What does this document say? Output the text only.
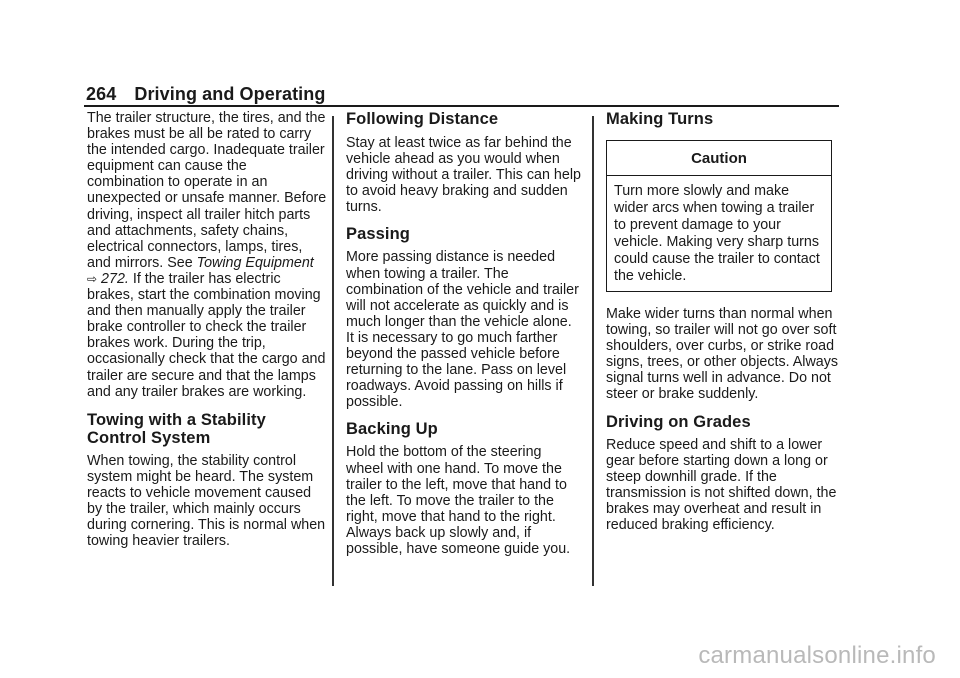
264 Driving and Operating

The trailer structure, the tires, and the brakes must be all be rated to carry the intended cargo. Inadequate trailer equipment can cause the combination to operate in an unexpected or unsafe manner. Before driving, inspect all trailer hitch parts and attachments, safety chains, electrical connectors, lamps, tires, and mirrors. See Towing Equipment ⇨ 272. If the trailer has electric brakes, start the combination moving and then manually apply the trailer brake controller to check the trailer brakes work. During the trip, occasionally check that the cargo and trailer are secure and that the lamps and any trailer brakes are working.

Towing with a Stability Control System

When towing, the stability control system might be heard. The system reacts to vehicle movement caused by the trailer, which mainly occurs during cornering. This is normal when towing heavier trailers.

Following Distance

Stay at least twice as far behind the vehicle ahead as you would when driving without a trailer. This can help to avoid heavy braking and sudden turns.

Passing

More passing distance is needed when towing a trailer. The combination of the vehicle and trailer will not accelerate as quickly and is much longer than the vehicle alone. It is necessary to go much farther beyond the passed vehicle before returning to the lane. Pass on level roadways. Avoid passing on hills if possible.

Backing Up

Hold the bottom of the steering wheel with one hand. To move the trailer to the left, move that hand to the left. To move the trailer to the right, move that hand to the right. Always back up slowly and, if possible, have someone guide you.

Making Turns
Caution
Turn more slowly and make wider arcs when towing a trailer to prevent damage to your vehicle. Making very sharp turns could cause the trailer to contact the vehicle.

Make wider turns than normal when towing, so trailer will not go over soft shoulders, over curbs, or strike road signs, trees, or other objects. Always signal turns well in advance. Do not steer or brake suddenly.

Driving on Grades

Reduce speed and shift to a lower gear before starting down a long or steep downhill grade. If the transmission is not shifted down, the brakes may overheat and result in reduced braking efficiency.

carmanualsonline.info
